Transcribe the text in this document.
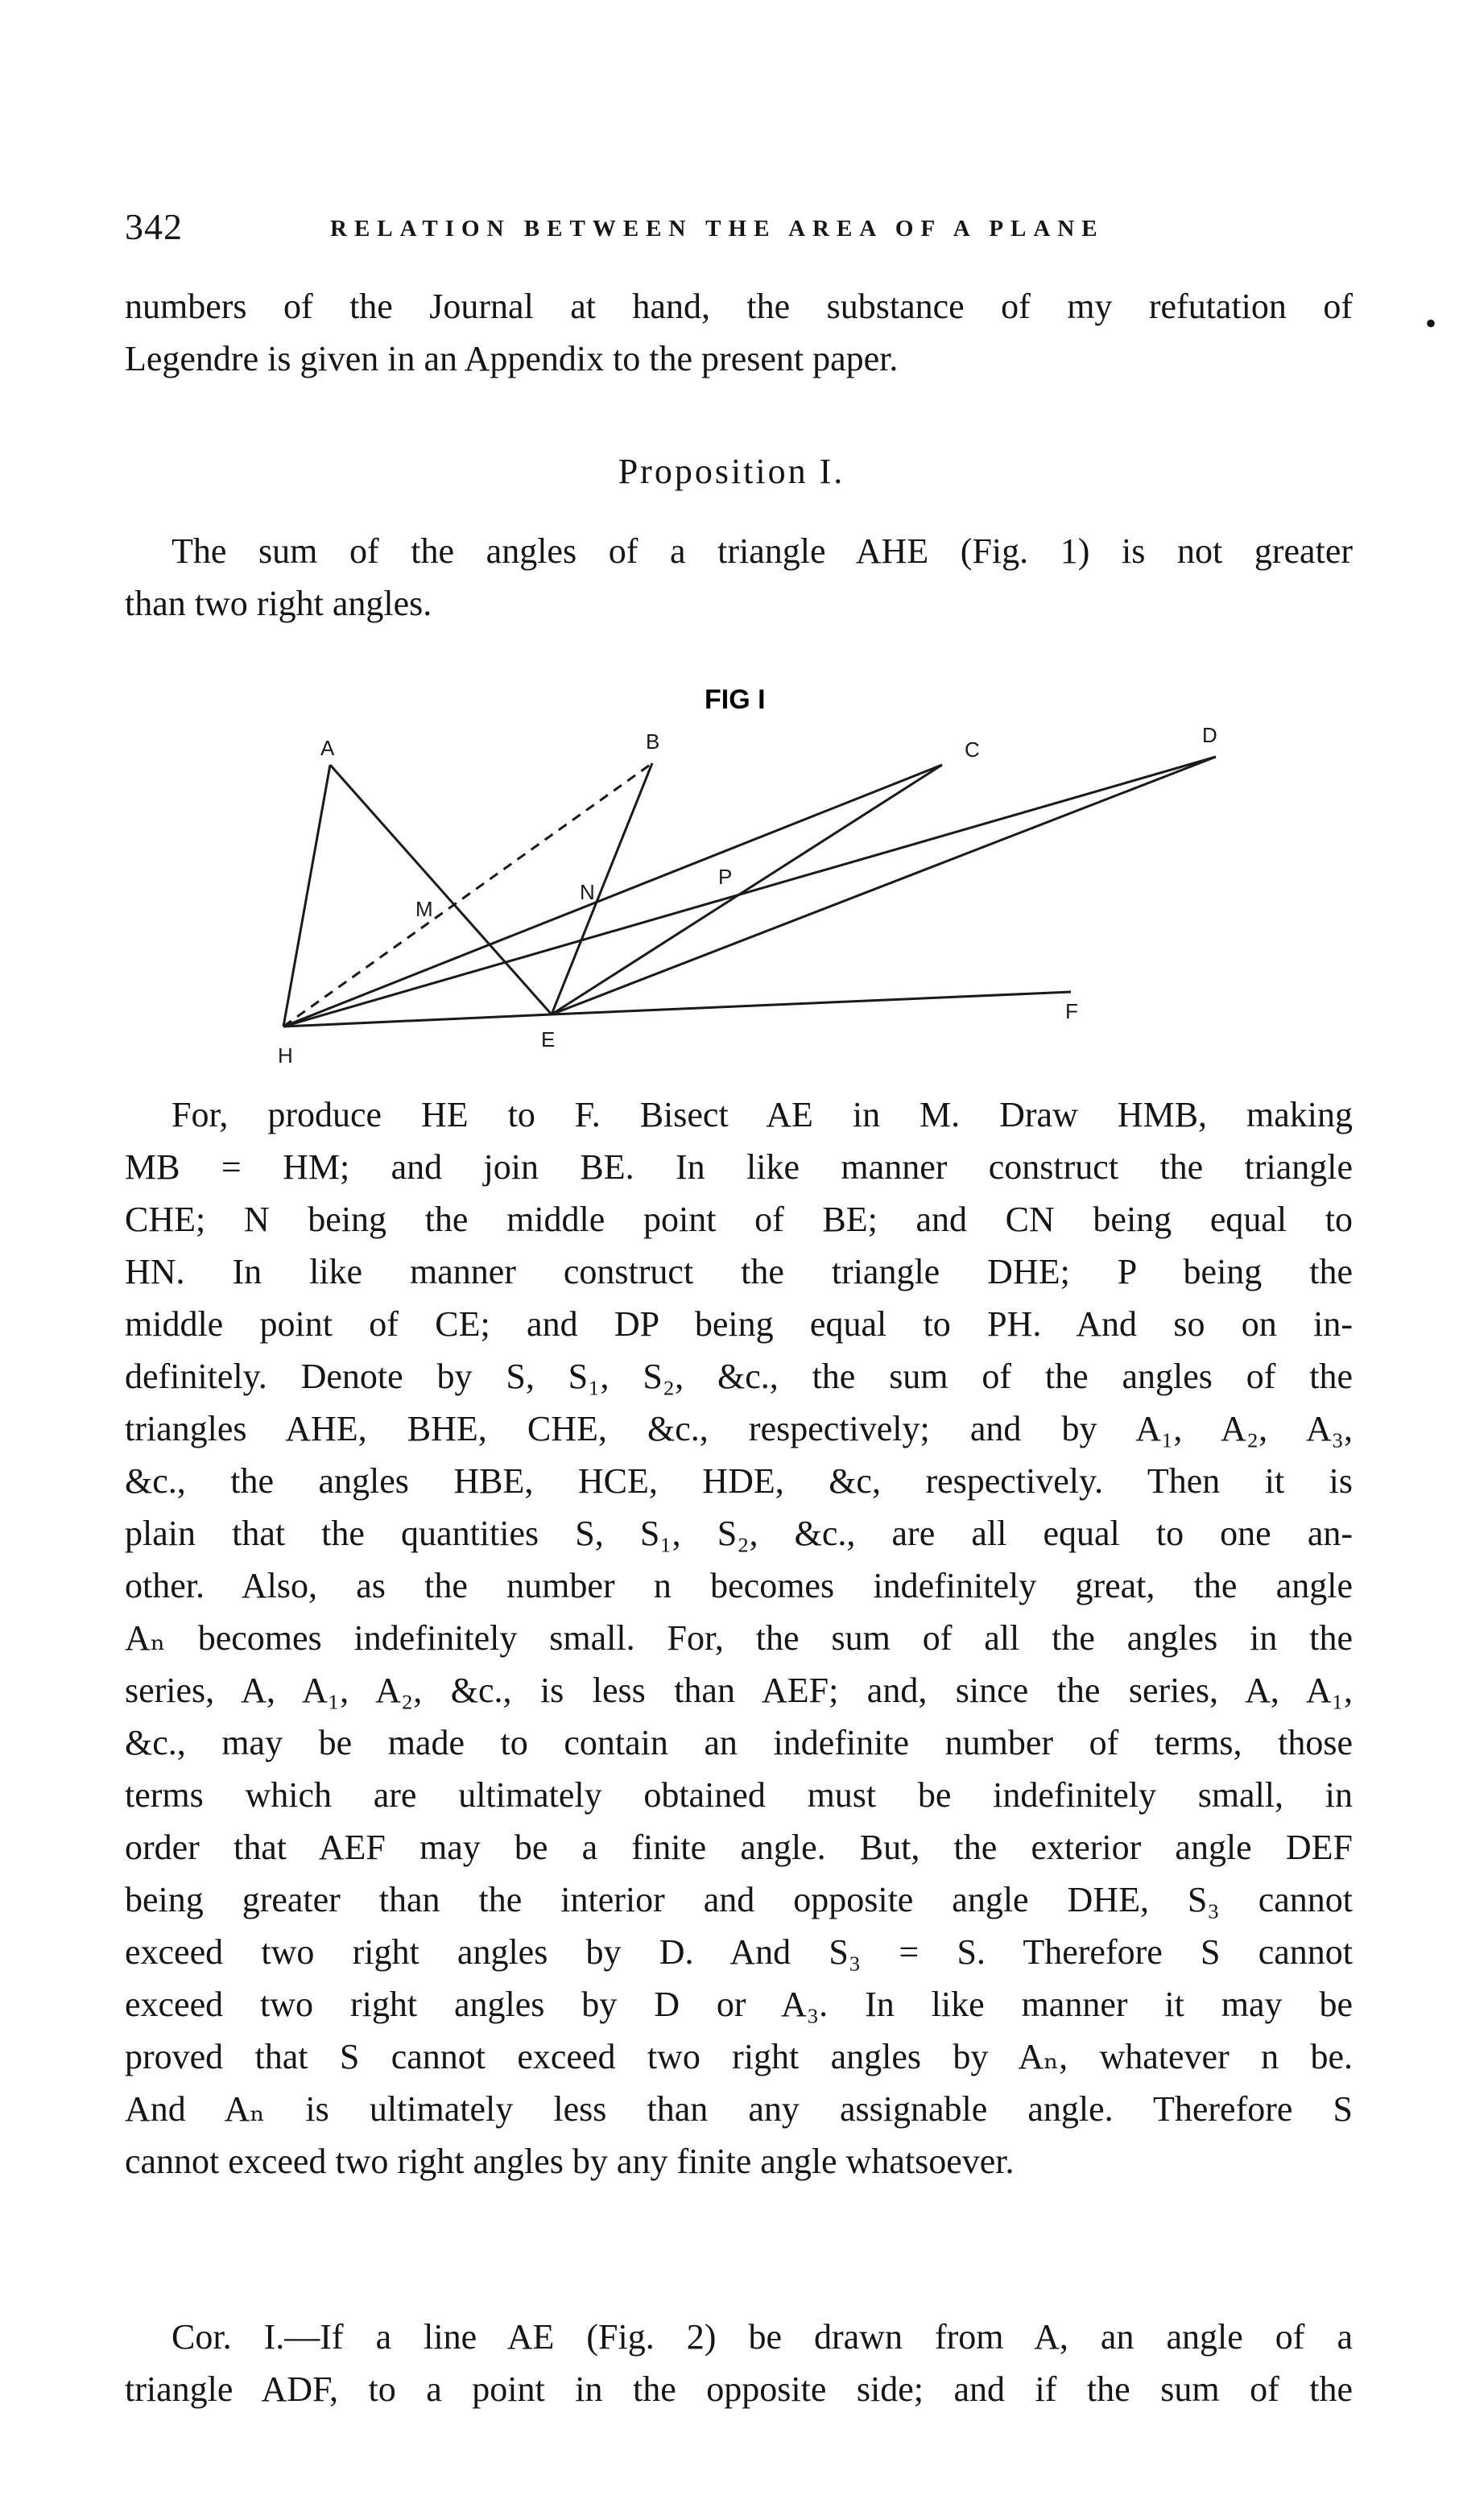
342	RELATION BETWEEN THE AREA OF A PLANE
•
numbers of the Journal at hand, the substance of my refutation of
Legendre is given in an Appendix to the present paper.
Proposition I.
The sum of the angles of a triangle AHE (Fig. 1) is not greater
than two right angles.
FIG I
A	B	C
D
M
N
P
H
E
F
For, produce HE to F. Bisect AE in M. Draw HMB, making
MB = HM; and join BE. In like manner construct the triangle
CHE; N being the middle point of BE; and CN being equal to
HN. In like manner construct the triangle DHE; P being the
middle point of CE; and DP being equal to PH. And so on in-
definitely. Denote by S, S₁, S₂, &c., the sum of the angles of the
triangles AHE, BHE, CHE, &c., respectively; and by A₁, A₂, A₃,
&c., the angles HBE, HCE, HDE, &c, respectively. Then it is
plain that the quantities S, S₁, S₂, &c., are all equal to one an-
other. Also, as the number n becomes indefinitely great, the angle
Aₙ becomes indefinitely small. For, the sum of all the angles in the
series, A, A₁, A₂, &c., is less than AEF; and, since the series, A, A₁,
&c., may be made to contain an indefinite number of terms, those
terms which are ultimately obtained must be indefinitely small, in
order that AEF may be a finite angle. But, the exterior angle DEF
being greater than the interior and opposite angle DHE, S₃ cannot
exceed two right angles by D. And S₃ = S. Therefore S cannot
exceed two right angles by D or A₃. In like manner it may be
proved that S cannot exceed two right angles by Aₙ, whatever n be.
And Aₙ is ultimately less than any assignable angle. Therefore S
cannot exceed two right angles by any finite angle whatsoever.
Cor. I.—If a line AE (Fig. 2) be drawn from A, an angle of a
triangle ADF, to a point in the opposite side; and if the sum of the
